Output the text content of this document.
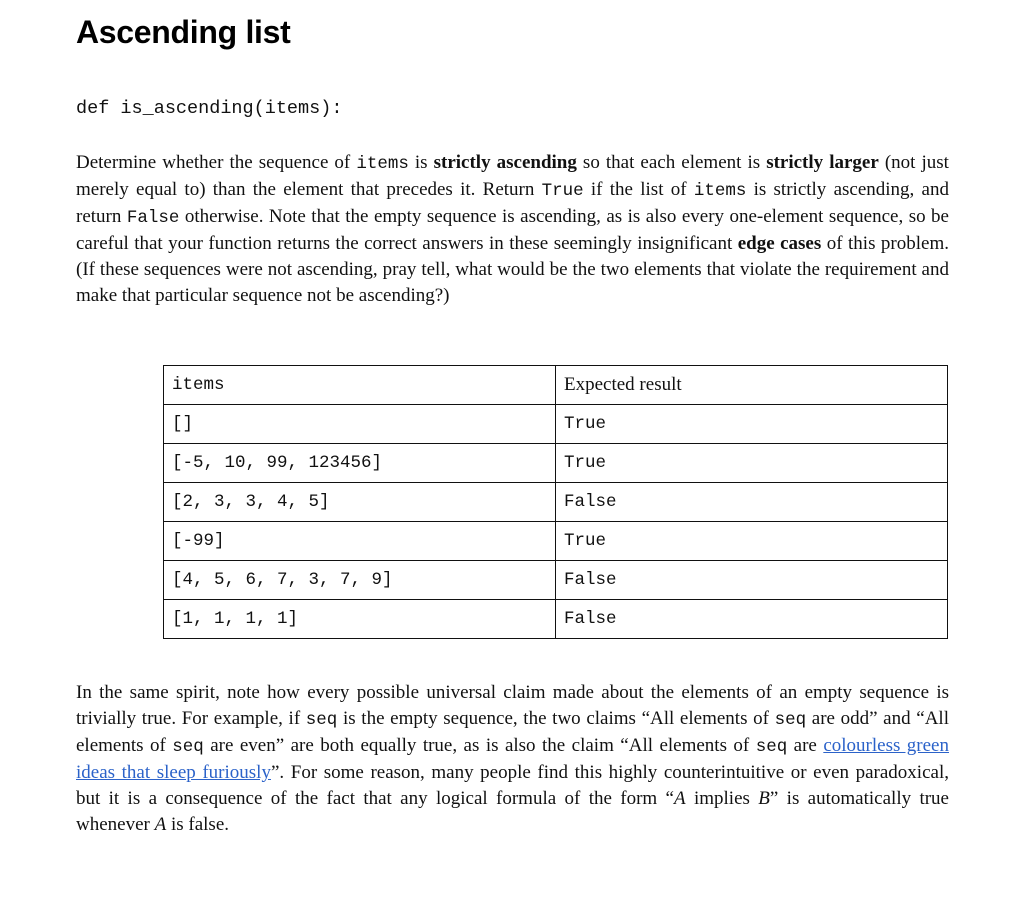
Ascending list

def is_ascending(items):

Determine whether the sequence of items is strictly ascending so that each element is strictly larger (not just merely equal to) than the element that precedes it. Return True if the list of items is strictly ascending, and return False otherwise. Note that the empty sequence is ascending, as is also every one-element sequence, so be careful that your function returns the correct answers in these seemingly insignificant edge cases of this problem. (If these sequences were not ascending, pray tell, what would be the two elements that violate the requirement and make that particular sequence not be ascending?)

items	Expected result
[]	True
[-5, 10, 99, 123456]	True
[2, 3, 3, 4, 5]	False
[-99]	True
[4, 5, 6, 7, 3, 7, 9]	False
[1, 1, 1, 1]	False

In the same spirit, note how every possible universal claim made about the elements of an empty sequence is trivially true. For example, if seq is the empty sequence, the two claims “All elements of seq are odd” and “All elements of seq are even” are both equally true, as is also the claim “All elements of seq are colourless green ideas that sleep furiously”. For some reason, many people find this highly counterintuitive or even paradoxical, but it is a consequence of the fact that any logical formula of the form “A implies B” is automatically true whenever A is false.
